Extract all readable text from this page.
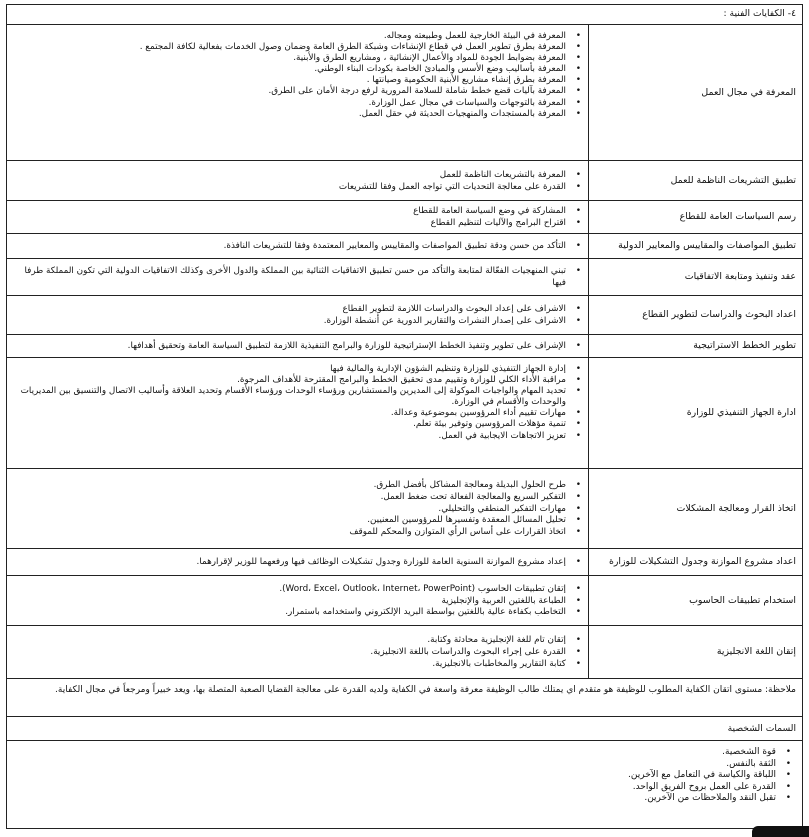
٤- الكفايات الفنية :
المعرفة في مجال العمل
•
المعرفة في البيئة الخارجية للعمل وطبيعته ومجاله.
•
المعرفة بطرق تطوير العمل في قطاع الإنشاءات وشبكة الطرق العامة وضمان وصول الخدمات بفعالية لكافة المجتمع .
•
المعرفة بضوابط الجودة للمواد والأعمال الإنشائية ، ومشاريع الطرق والأبنية.
•
المعرفة بأساليب وضع الأسس والمبادئ الخاصة بكودات البناء الوطني.
•
المعرفة بطرق إنشاء مشاريع الأبنية الحكومية وصيانتها .
•
المعرفة بآليات قضع خطط شاملة للسلامة المرورية لرفع درجة الأمان على الطرق.
•
المعرفة بالتوجهات والسياسات في مجال عمل الوزارة.
•
المعرفة بالمستجدات والمنهجيات الحديثة في حقل العمل.
تطبيق التشريعات الناظمة للعمل
•
المعرفة بالتشريعات الناظمة للعمل
•
القدرة على معالجة التحديات التي تواجه العمل وفقا للتشريعات
رسم السياسات العامة للقطاع
•
المشاركة في وضع السياسة العامة للقطاع
•
اقتراح البرامج والآليات لتنظيم القطاع
تطبيق المواصفات والمقاييس والمعايير الدولية
•
التأكد من حسن ودقة تطبيق المواصفات والمقاييس والمعايير المعتمدة وفقا للتشريعات النافذة.
عقد وتنفيذ ومتابعة الاتفاقيات
•
تبني المنهجيات الفعّالة لمتابعة والتأكد من حسن تطبيق الاتفاقيات الثنائية بين المملكة والدول الأخرى وكذلك الاتفاقيات الدولية التي تكون المملكة طرفا فيها
اعداد البحوث والدراسات لتطوير القطاع
•
الاشراف على إعداد البحوث والدراسات اللازمة لتطوير القطاع
•
الاشراف على إصدار النشرات والتقارير الدورية عن أنشطة الوزارة.
تطوير الخطط الاستراتيجية
•
الإشراف على تطوير وتنفيذ الخطط الإستراتيجية للوزارة والبرامج التنفيذية اللازمة لتطبيق السياسة العامة وتحقيق أهدافها.
ادارة الجهاز التنفيذي للوزارة
•
إدارة الجهاز التنفيذي للوزارة وتنظيم الشؤون الإدارية والمالية فيها
•
مراقبة الأداء الكلي للوزارة وتقييم مدى تحقيق الخطط والبرامج المقترحة للأهداف المرجوة.
•
تحديد المهام والواجبات الموكولة إلى المديرين والمستشارين ورؤساء الوحدات ورؤساء الأقسام وتحديد العلاقة وأساليب الاتصال والتنسيق بين المديريات والوحدات والأقسام في الوزارة.
•
مهارات تقييم أداء المرؤوسين بموضوعية وعدالة.
•
تنمية مؤهلات المرؤوسين وتوفير بيئة تعلم.
•
تعزيز الاتجاهات الايجابية في العمل.
اتخاذ القرار ومعالجة المشكلات
•
طرح الحلول البديلة ومعالجة المشاكل بأفضل الطرق.
•
التفكير السريع والمعالجة الفعالة تحت ضغط العمل.
•
مهارات التفكير المنطقي والتحليلي.
•
تحليل المسائل المعقدة وتفسيرها للمرؤوسين المعنيين.
•
اتخاذ القرارات على أساس الرأي المتوازن والمحكم للموقف
اعداد مشروع الموازنة وجدول التشكيلات للوزارة
•
إعداد مشروع الموازنة السنوية العامة للوزارة وجدول تشكيلات الوظائف فيها ورفعهما للوزير لإقرارهما.
استخدام تطبيقات الحاسوب
•
إتقان تطبيقات الحاسوب (Word، Excel، Outlook، Internet، PowerPoint).
•
الطباعة باللغتين العربية والإنجليزية
•
التخاطب بكفاءة عالية باللغتين بواسطة البريد الإلكتروني واستخدامه باستمرار.
إتقان اللغة الانجليزية
•
إتقان تام للغة الإنجليزية محادثة وكتابة.
•
القدرة على إجراء البحوث والدراسات باللغة الانجليزية.
•
كتابة التقارير والمخاطبات بالانجليزية.
ملاحظة: مستوى اتقان الكفاية المطلوب للوظيفة هو متقدم اي يمتلك طالب الوظيفة معرفة واسعة في الكفاية ولديه القدرة على معالجة القضايا الصعبة المتصلة بها، ويعد خبيراً ومرجعاً في مجال الكفاية.
السمات الشخصية
•
قوة الشخصية.
•
الثقة بالنفس.
•
اللباقة والكياسة في التعامل مع الآخرين.
•
القدرة على العمل بروح الفريق الواحد.
•
تقبل النقد والملاحظات من الآخرين.
